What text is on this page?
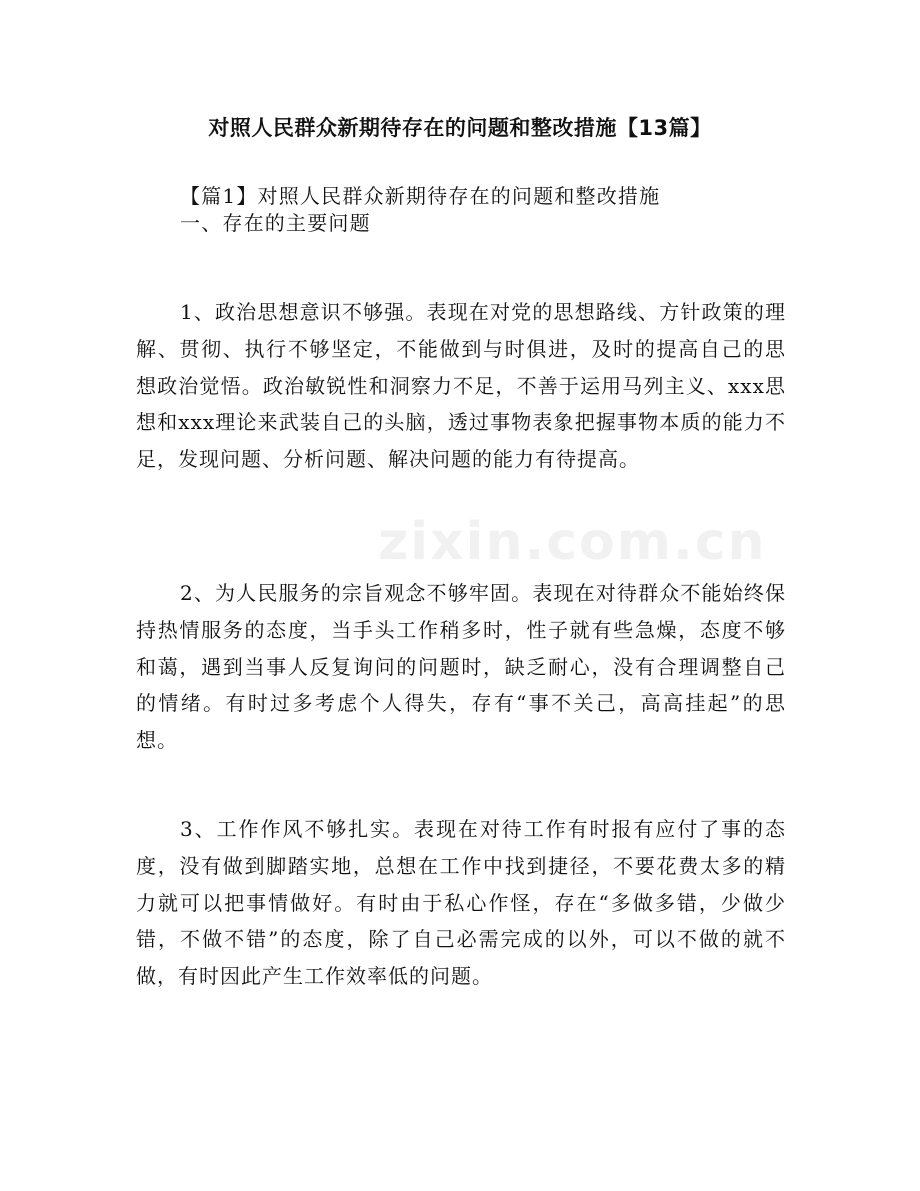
对照人民群众新期待存在的问题和整改措施【13篇】
【篇1】对照人民群众新期待存在的问题和整改措施
一、存在的主要问题

1、政治思想意识不够强。表现在对党的思想路线、方针政策的理解、贯彻、执行不够坚定，不能做到与时俱进，及时的提高自己的思想政治觉悟。政治敏锐性和洞察力不足，不善于运用马列主义、xxx思想和xxx理论来武装自己的头脑，透过事物表象把握事物本质的能力不足，发现问题、分析问题、解决问题的能力有待提高。

2、为人民服务的宗旨观念不够牢固。表现在对待群众不能始终保持热情服务的态度，当手头工作稍多时，性子就有些急燥，态度不够和蔼，遇到当事人反复询问的问题时，缺乏耐心，没有合理调整自己的情绪。有时过多考虑个人得失，存有“事不关己，高高挂起”的思想。

3、工作作风不够扎实。表现在对待工作有时报有应付了事的态度，没有做到脚踏实地，总想在工作中找到捷径，不要花费太多的精力就可以把事情做好。有时由于私心作怪，存在“多做多错，少做少错，不做不错”的态度，除了自己必需完成的以外，可以不做的就不做，有时因此产生工作效率低的问题。

zixin.com.cn
